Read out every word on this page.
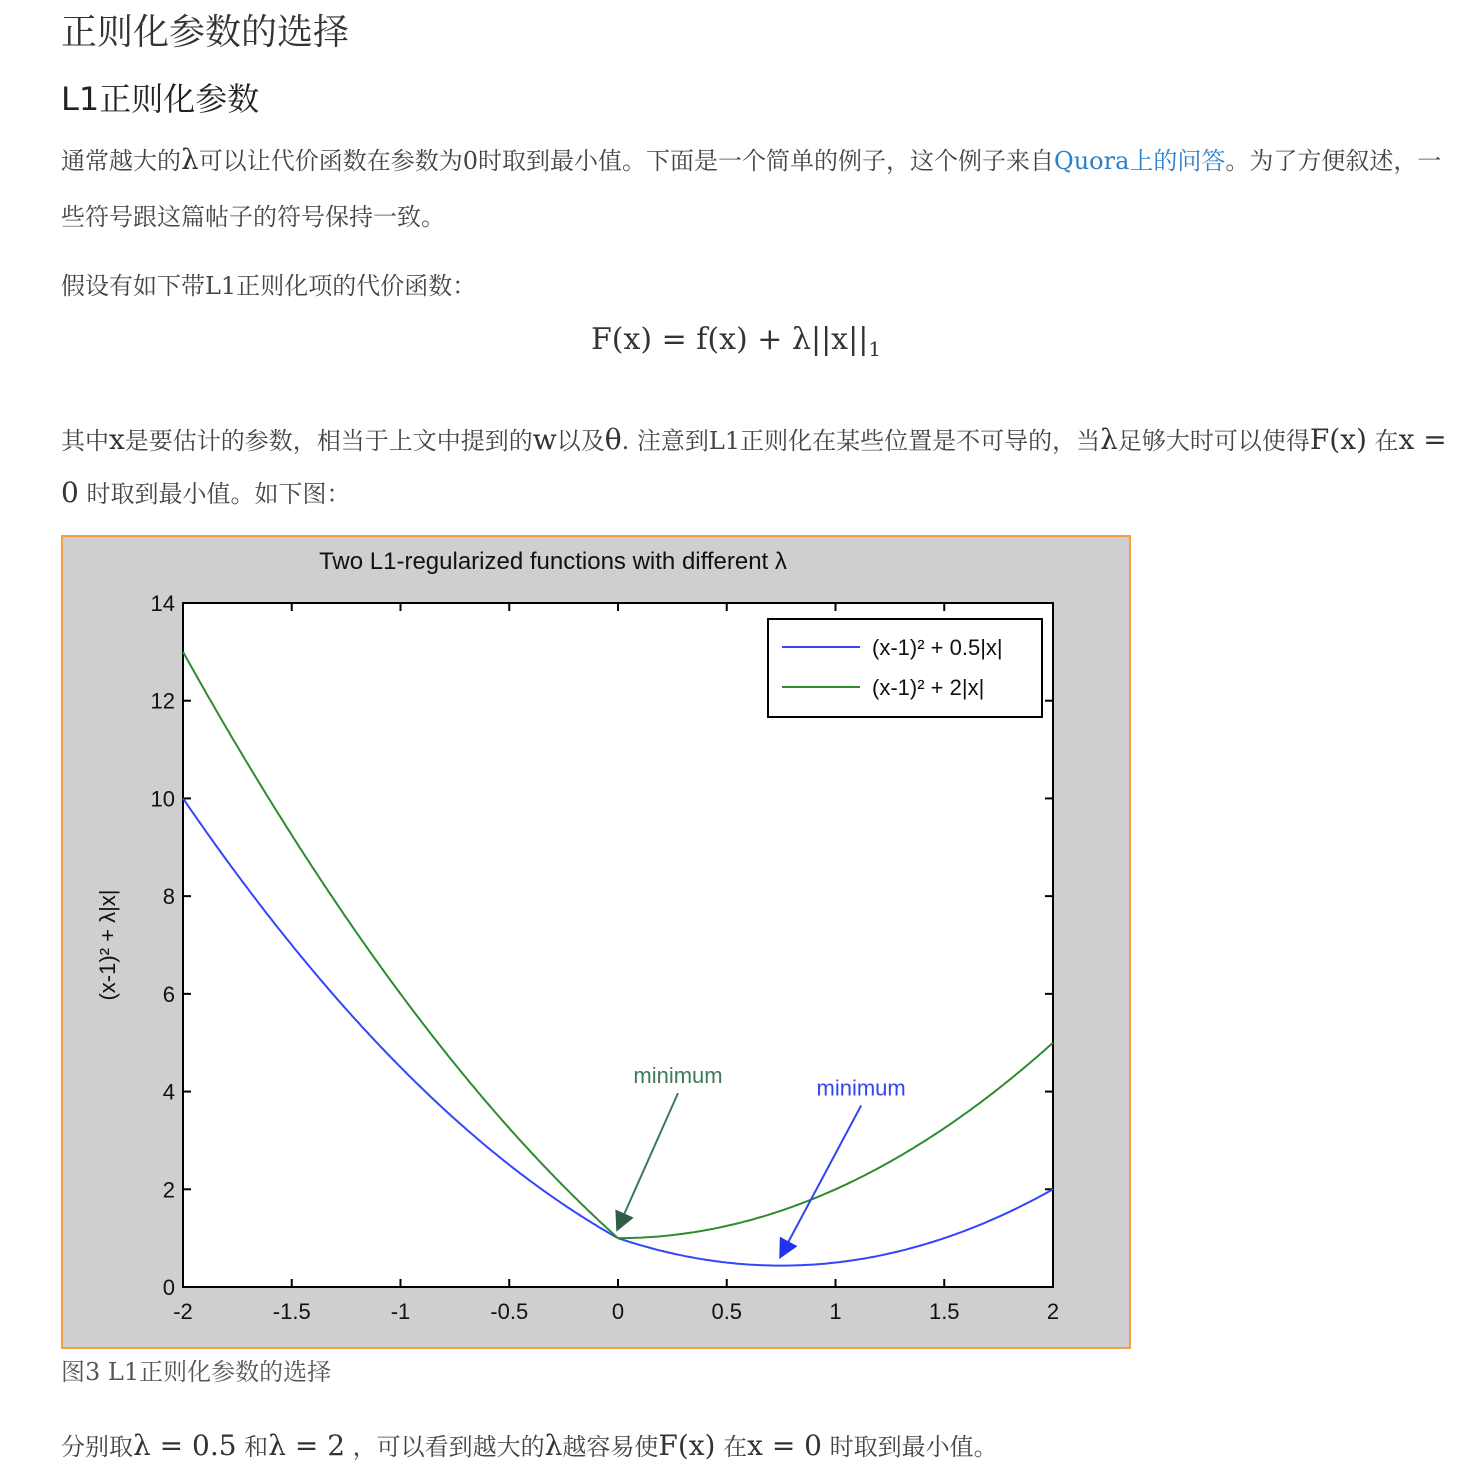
正则化参数的选择
L1正则化参数
通常越大的λ可以让代价函数在参数为0时取到最小值。下面是一个简单的例子，这个例子来自Quora上的问答。为了方便叙述，一些符号跟这篇帖子的符号保持一致。
假设有如下带L1正则化项的代价函数：
$F(x) = f(x) + \lambda||x||_1$
其中x是要估计的参数，相当于上文中提到的w以及θ. 注意到L1正则化在某些位置是不可导的，当λ足够大时可以使得F(x) 在x = 0 时取到最小值。如下图：
分别取λ = 0.5 和λ = 2 ，可以看到越大的λ越容易使F(x) 在x = 0 时取到最小值。
Two L1-regularized functions with different λ
-2	-1.5	-1	-0.5	0	0.5	1	1.5	2
0
2
4
6
8
10
12
14
minimum	minimum
(x-1)² + 0.5|x|
(x-1)² + 2|x|
(x-1)² + λ|x|
图3 L1正则化参数的选择
